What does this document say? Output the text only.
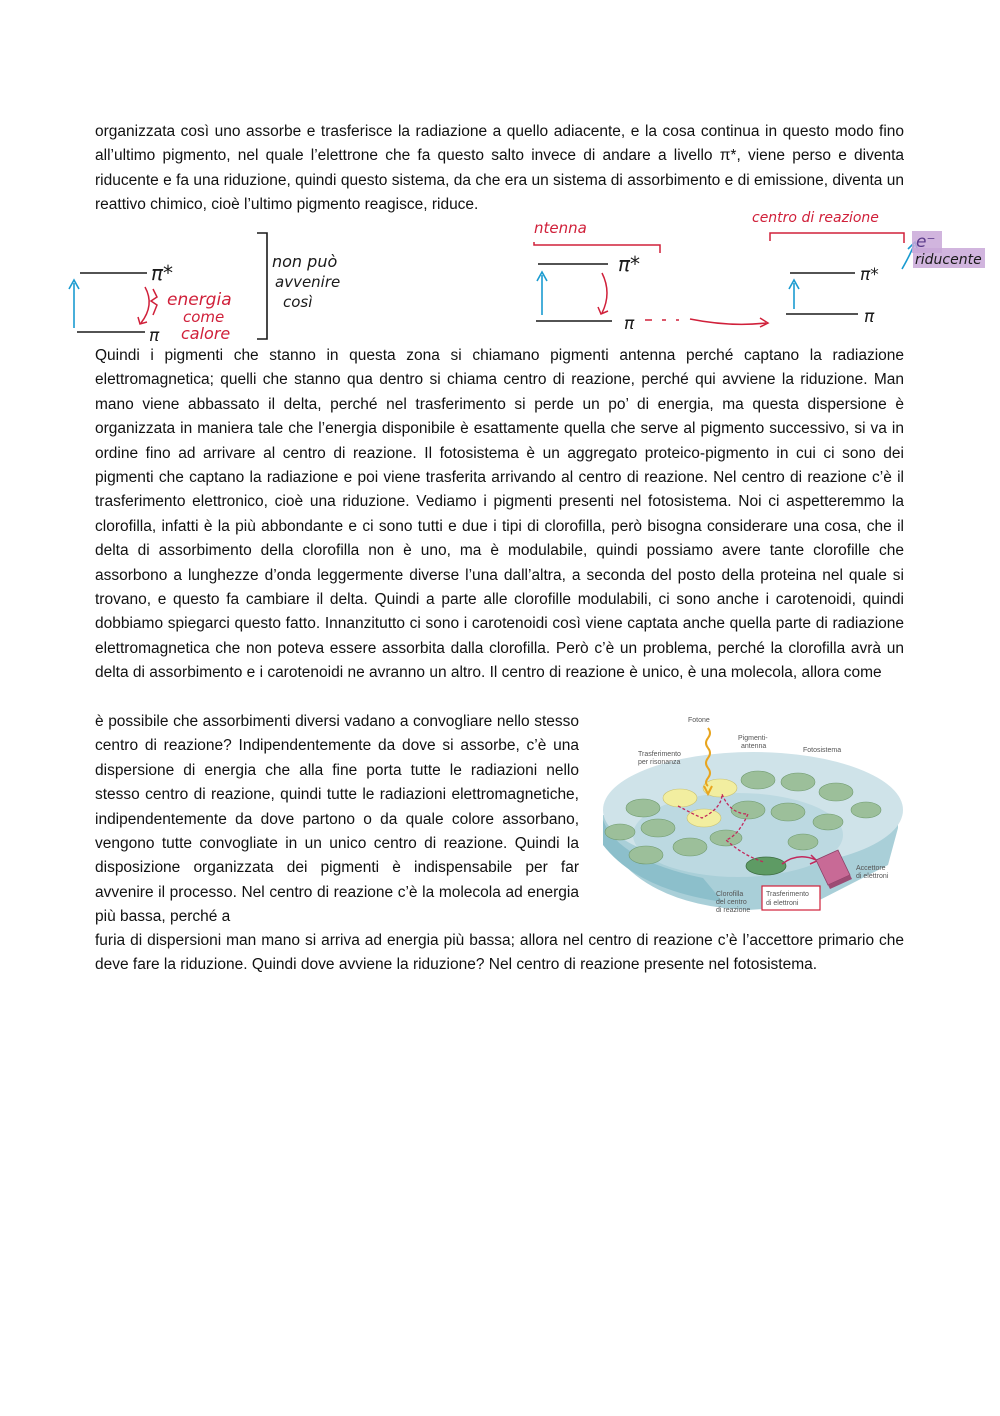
organizzata così uno assorbe e trasferisce la radiazione a quello adiacente, e la cosa continua in questo modo fino all’ultimo pigmento, nel quale l’elettrone che fa questo salto invece di andare a livello π*, viene perso e diventa riducente e fa una riduzione, quindi questo sistema, da che era un sistema di assorbimento e di emissione, diventa un reattivo chimico, cioè l’ultimo pigmento reagisce, riduce.

π*
π
energia
come
calore
non può
avvenire
così
ntenna
π*
π
centro di reazione
π*
π
e⁻
riducente

Quindi i pigmenti che stanno in questa zona si chiamano pigmenti antenna perché captano la radiazione elettromagnetica; quelli che stanno qua dentro si chiama centro di reazione, perché qui avviene la riduzione. Man mano viene abbassato il delta, perché nel trasferimento si perde un po’ di energia, ma questa dispersione è organizzata in maniera tale che l’energia disponibile è esattamente quella che serve al pigmento successivo, si va in ordine fino ad arrivare al centro di reazione. Il fotosistema è un aggregato proteico-pigmento in cui ci sono dei pigmenti che captano la radiazione e poi viene trasferita arrivando al centro di reazione. Nel centro di reazione c’è il trasferimento elettronico, cioè una riduzione. Vediamo i pigmenti presenti nel fotosistema. Noi ci aspetteremmo la clorofilla, infatti è la più abbondante e ci sono tutti e due i tipi di clorofilla, però bisogna considerare una cosa, che il delta di assorbimento della clorofilla non è uno, ma è modulabile, quindi possiamo avere tante clorofille che assorbono a lunghezze d’onda leggermente diverse l’una dall’altra, a seconda del posto della proteina nel quale si trovano, e questo fa cambiare il delta. Quindi a parte alle clorofille modulabili, ci sono anche i carotenoidi, quindi dobbiamo spiegarci questo fatto. Innanzitutto ci sono i carotenoidi così viene captata anche quella parte di radiazione elettromagnetica che non poteva essere assorbita dalla clorofilla. Però c’è un problema, perché la clorofilla avrà un delta di assorbimento e i carotenoidi ne avranno un altro. Il centro di reazione è unico, è una molecola, allora come

Fotone
Trasferimento
per risonanza
Pigmenti-
antenna
Fotosistema
Accettore
di elettroni
Clorofilla
del centro
di reazione
Trasferimento
di elettroni

è possibile che assorbimenti diversi vadano a convogliare nello stesso centro di reazione? Indipendentemente da dove si assorbe, c’è una dispersione di energia che alla fine porta tutte le radiazioni nello stesso centro di reazione, quindi tutte le radiazioni elettromagnetiche, indipendentemente da dove partono o da quale colore assorbano, vengono tutte convogliate in un unico centro di reazione. Quindi la disposizione organizzata dei pigmenti è indispensabile per far avvenire il processo. Nel centro di reazione c’è la molecola ad energia più bassa, perché a

furia di dispersioni man mano si arriva ad energia più bassa; allora nel centro di reazione c’è l’accettore primario che deve fare la riduzione. Quindi dove avviene la riduzione? Nel centro di reazione presente nel fotosistema.
